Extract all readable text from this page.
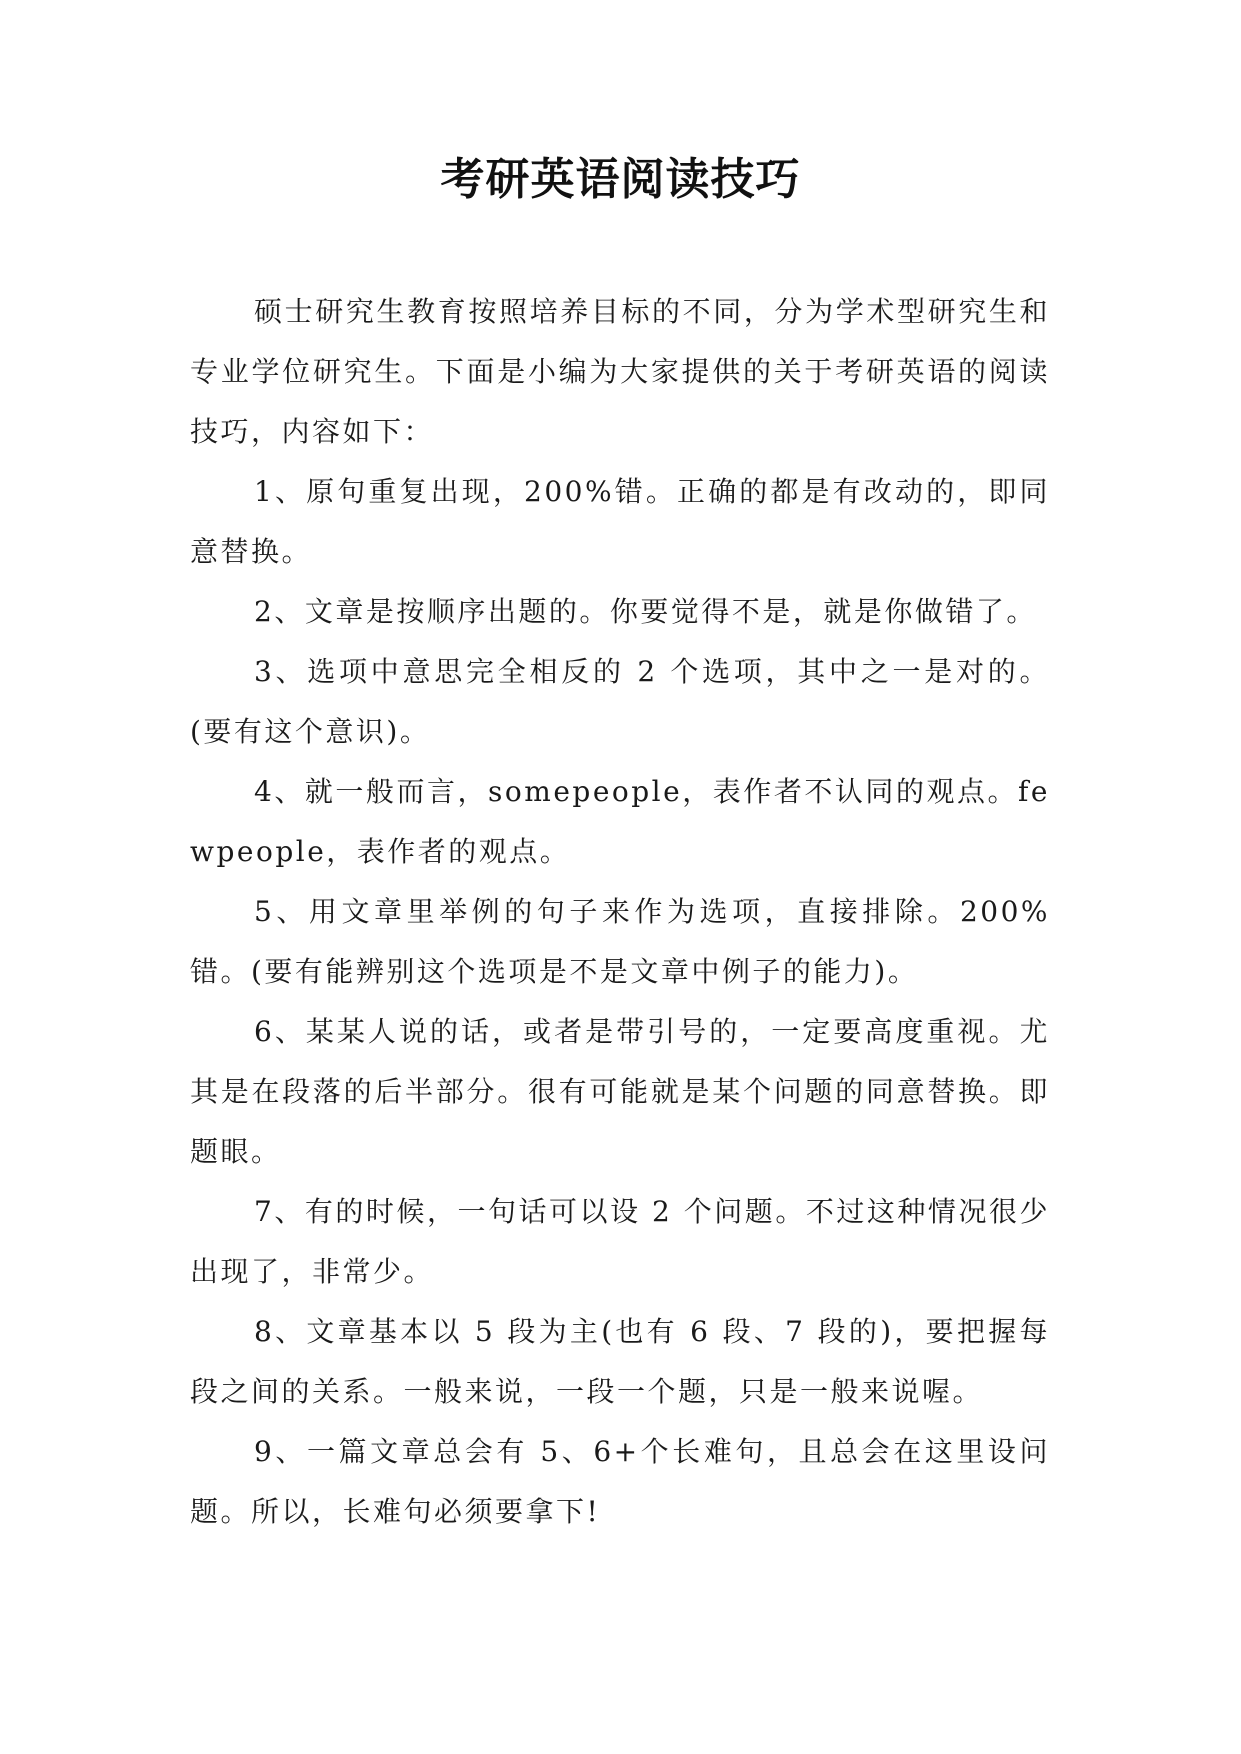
考研英语阅读技巧

硕士研究生教育按照培养目标的不同，分为学术型研究生和专业学位研究生。下面是小编为大家提供的关于考研英语的阅读技巧，内容如下：

1、原句重复出现，200%错。正确的都是有改动的，即同意替换。

2、文章是按顺序出题的。你要觉得不是，就是你做错了。

3、选项中意思完全相反的 2 个选项，其中之一是对的。(要有这个意识)。

4、就一般而言，somepeople，表作者不认同的观点。fewpeople，表作者的观点。

5、用文章里举例的句子来作为选项，直接排除。200%错。(要有能辨别这个选项是不是文章中例子的能力)。

6、某某人说的话，或者是带引号的，一定要高度重视。尤其是在段落的后半部分。很有可能就是某个问题的同意替换。即题眼。

7、有的时候，一句话可以设 2 个问题。不过这种情况很少出现了，非常少。

8、文章基本以 5 段为主(也有 6 段、7 段的)，要把握每段之间的关系。一般来说，一段一个题，只是一般来说喔。

9、一篇文章总会有 5、6+个长难句，且总会在这里设问题。所以，长难句必须要拿下!
